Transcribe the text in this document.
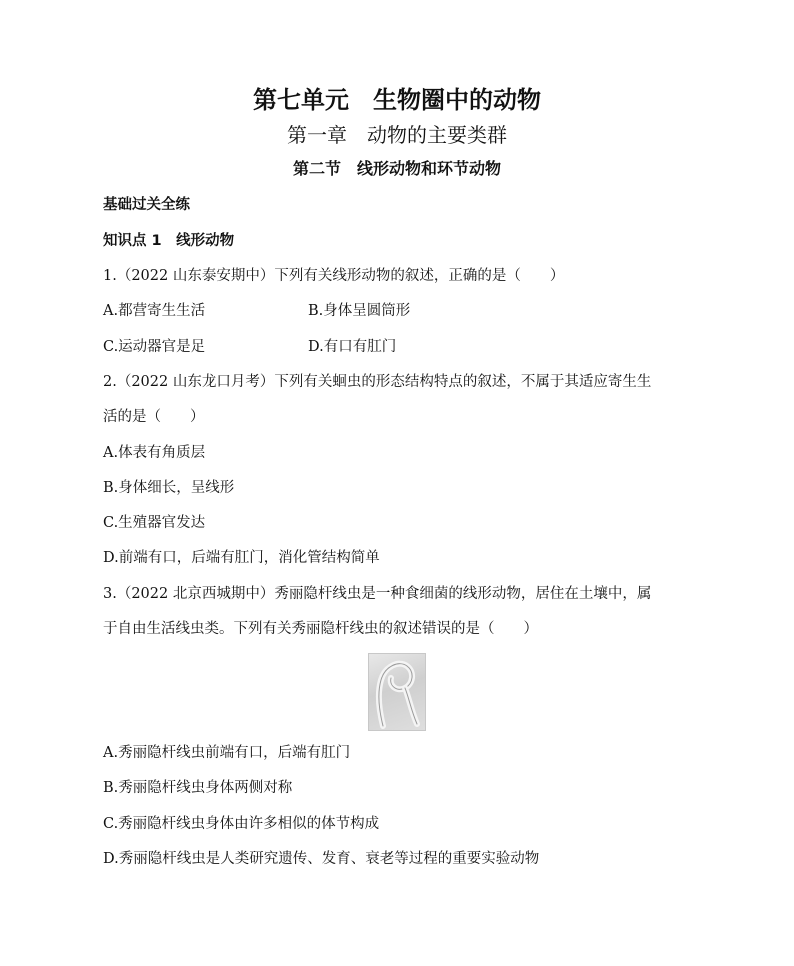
第七单元　生物圈中的动物
第一章　动物的主要类群
第二节　线形动物和环节动物
基础过关全练
知识点 1　线形动物
1.（2022 山东泰安期中）下列有关线形动物的叙述，正确的是（　　）
A.都营寄生生活	B.身体呈圆筒形
C.运动器官是足	D.有口有肛门
2.（2022 山东龙口月考）下列有关蛔虫的形态结构特点的叙述，不属于其适应寄生生
活的是（　　）
A.体表有角质层
B.身体细长，呈线形
C.生殖器官发达
D.前端有口，后端有肛门，消化管结构简单
3.（2022 北京西城期中）秀丽隐杆线虫是一种食细菌的线形动物，居住在土壤中，属
于自由生活线虫类。下列有关秀丽隐杆线虫的叙述错误的是（　　）
A.秀丽隐杆线虫前端有口，后端有肛门
B.秀丽隐杆线虫身体两侧对称
C.秀丽隐杆线虫身体由许多相似的体节构成
D.秀丽隐杆线虫是人类研究遗传、发育、衰老等过程的重要实验动物
